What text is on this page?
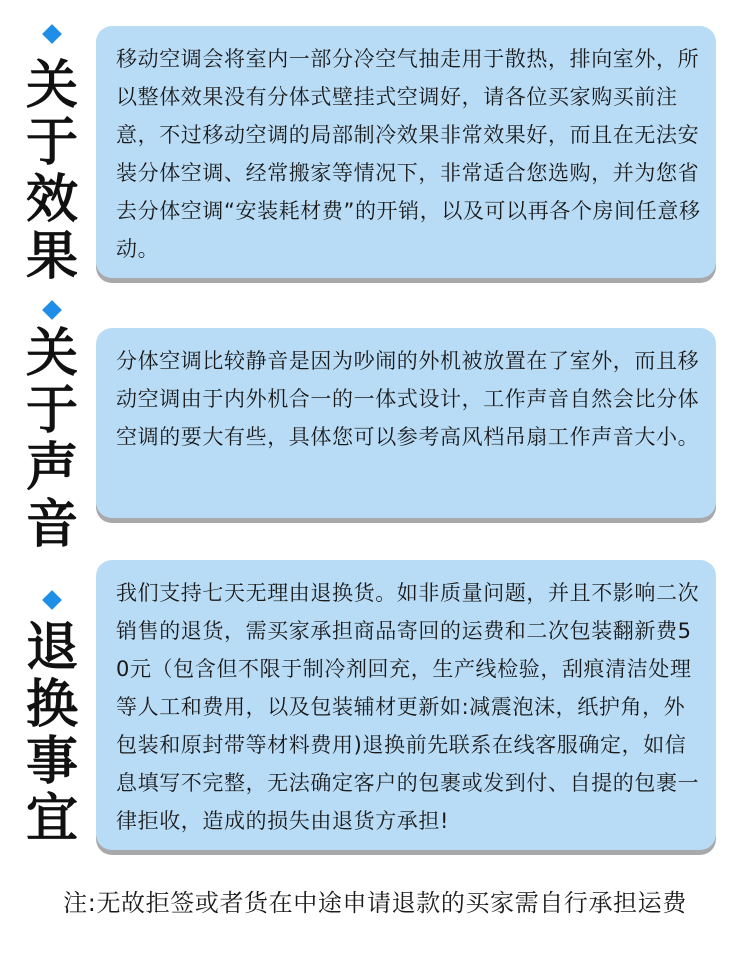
关
于
效
果
移动空调会将室内一部分冷空气抽走用于散热，排向室外，所以整体效果没有分体式壁挂式空调好，请各位买家购买前注意，不过移动空调的局部制冷效果非常效果好，而且在无法安装分体空调、经常搬家等情况下，非常适合您选购，并为您省去分体空调“安装耗材费”的开销，以及可以再各个房间任意移动。
关
于
声
音
分体空调比较静音是因为吵闹的外机被放置在了室外，而且移动空调由于内外机合一的一体式设计，工作声音自然会比分体空调的要大有些，具体您可以参考高风档吊扇工作声音大小。
退
换
事
宜
我们支持七天无理由退换货。如非质量问题，并且不影响二次销售的退货，需买家承担商品寄回的运费和二次包装翻新费50元（包含但不限于制冷剂回充，生产线检验，刮痕清洁处理等人工和费用，以及包装辅材更新如:减震泡沫，纸护角，外包装和原封带等材料费用)退换前先联系在线客服确定，如信息填写不完整，无法确定客户的包裹或发到付、自提的包裹一律拒收，造成的损失由退货方承担!
注:无故拒签或者货在中途申请退款的买家需自行承担运费
